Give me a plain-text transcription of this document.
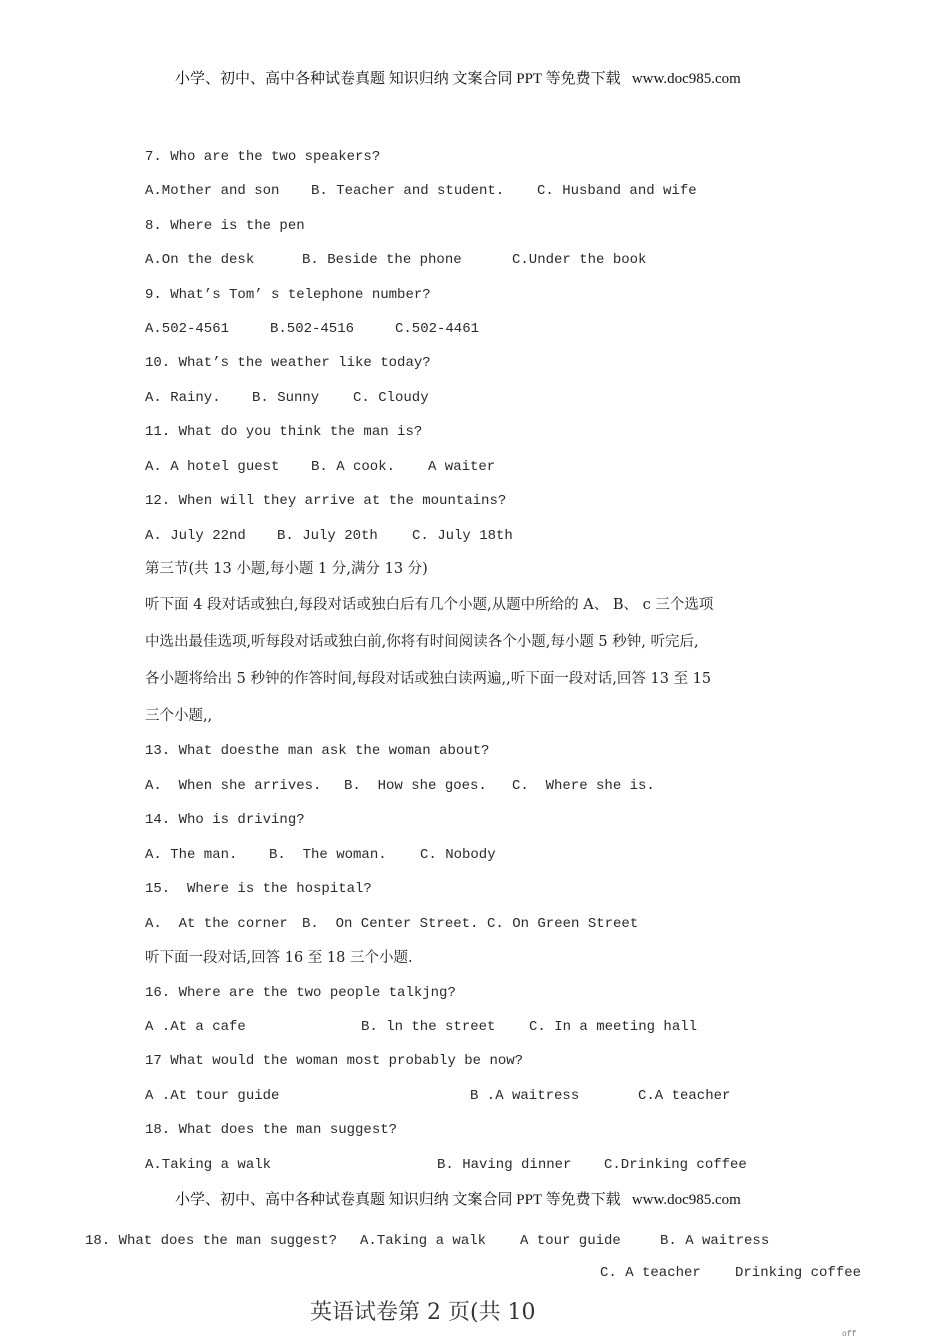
小学、初中、高中各种试卷真题 知识归纳 文案合同 PPT 等免费下载   www.doc985.com
7. Who are the two speakers?
A.Mother and son B. Teacher and student. C. Husband and wife
8. Where is the pen
A.On the desk	B. Beside the phone	C.Under the book
9. What’s Tom’ s telephone number?
A.502-4561	B.502-4516	C.502-4461
10. What’s the weather like today?
A. Rainy. B. Sunny C. Cloudy
11. What do you think the man is?
A. A hotel guest B. A cook. A waiter
12. When will they arrive at the mountains?
A. July 22nd B. July 20th C. July 18th
第三节(共 13 小题,每小题 1 分,满分 13 分)
听下面 4 段对话或独白,每段对话或独白后有几个小题,从题中所给的 A、 B、 c 三个选项
中选出最佳选项,听每段对话或独白前,你将有时间阅读各个小题,每小题 5 秒钟, 听完后,
各小题将给出 5 秒钟的作答时间,每段对话或独白读两遍,,听下面一段对话,回答 13 至 15
三个小题,,
13. What doesthe man ask the woman about?
A.  When she arrives. B.  How she goes. C.  Where she is.
14. Who is driving?
A. The man. B.  The woman. C. Nobody
15.  Where is the hospital?
A.  At the corner B.  On Center Street. C. On Green Street
听下面一段对话,回答 16 至 18 三个小题.
16. Where are the two people talkjng?
A .At a cafe	B. ln the street C. In a meeting hall
17 What would the woman most probably be now?
A .At tour guide	B .A waitress	C.A teacher
18. What does the man suggest?
A.Taking a walk	B. Having dinner C.Drinking coffee
小学、初中、高中各种试卷真题 知识归纳 文案合同 PPT 等免费下载   www.doc985.com
18. What does the man suggest? A.Taking a walk A tour guide	B. A waitress
C. A teacher Drinking coffee
英语试卷第 2 页(共 10
off
